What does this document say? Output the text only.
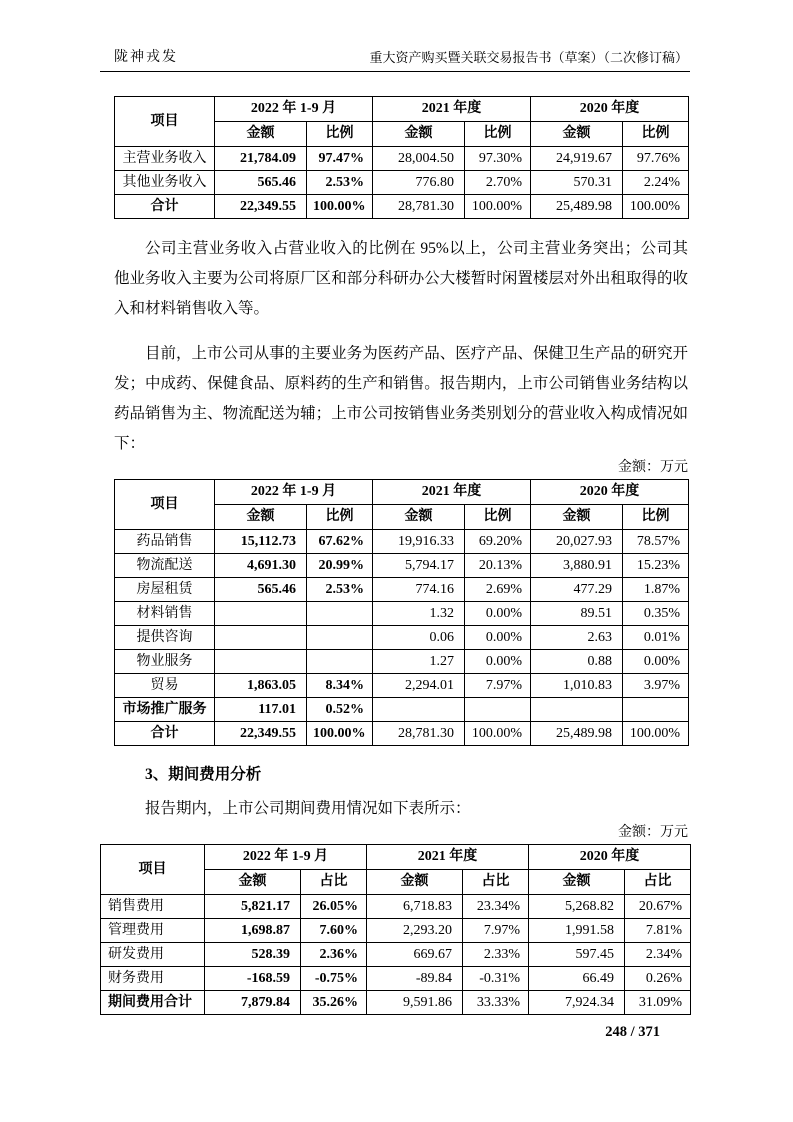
陇神戎发	重大资产购买暨关联交易报告书（草案）（二次修订稿）
项目	2022 年 1-9 月		2021 年度		2020 年度	
	金额	比例	金额	比例	金额	比例
主营业务收入	21,784.09	97.47%	28,004.50	97.30%	24,919.67	97.76%
其他业务收入	565.46	2.53%	776.80	2.70%	570.31	2.24%
合计	22,349.55	100.00%	28,781.30	100.00%	25,489.98	100.00%

公司主营业务收入占营业收入的比例在 95%以上，公司主营业务突出；公司其他业务收入主要为公司将原厂区和部分科研办公大楼暂时闲置楼层对外出租取得的收入和材料销售收入等。

目前，上市公司从事的主要业务为医药产品、医疗产品、保健卫生产品的研究开发；中成药、保健食品、原料药的生产和销售。报告期内，上市公司销售业务结构以药品销售为主、物流配送为辅；上市公司按销售业务类别划分的营业收入构成情况如下：

金额：万元
项目	2022 年 1-9 月		2021 年度		2020 年度	
	金额	比例	金额	比例	金额	比例
药品销售	15,112.73	67.62%	19,916.33	69.20%	20,027.93	78.57%
物流配送	4,691.30	20.99%	5,794.17	20.13%	3,880.91	15.23%
房屋租赁	565.46	2.53%	774.16	2.69%	477.29	1.87%
材料销售			1.32	0.00%	89.51	0.35%
提供咨询			0.06	0.00%	2.63	0.01%
物业服务			1.27	0.00%	0.88	0.00%
贸易	1,863.05	8.34%	2,294.01	7.97%	1,010.83	3.97%
市场推广服务	117.01	0.52%				
合计	22,349.55	100.00%	28,781.30	100.00%	25,489.98	100.00%

3、期间费用分析

报告期内，上市公司期间费用情况如下表所示：

金额：万元
项目	2022 年 1-9 月		2021 年度		2020 年度	
	金额	占比	金额	占比	金额	占比
销售费用	5,821.17	26.05%	6,718.83	23.34%	5,268.82	20.67%
管理费用	1,698.87	7.60%	2,293.20	7.97%	1,991.58	7.81%
研发费用	528.39	2.36%	669.67	2.33%	597.45	2.34%
财务费用	-168.59	-0.75%	-89.84	-0.31%	66.49	0.26%
期间费用合计	7,879.84	35.26%	9,591.86	33.33%	7,924.34	31.09%
248 / 371
